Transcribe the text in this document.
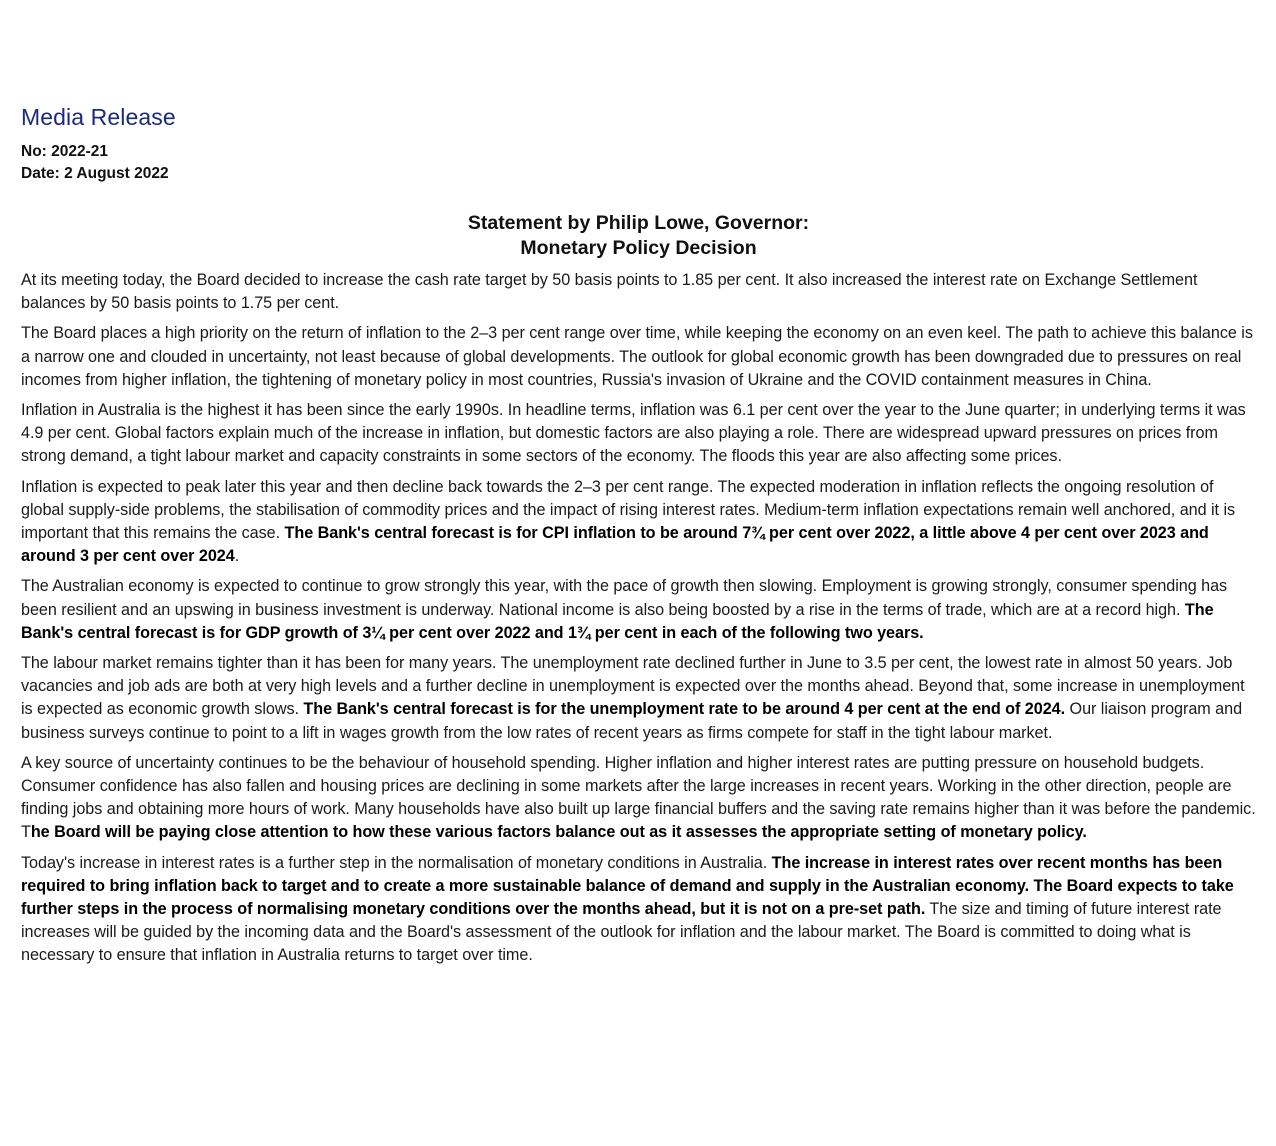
Media Release
No: 2022-21
Date: 2 August 2022
Statement by Philip Lowe, Governor:
Monetary Policy Decision

At its meeting today, the Board decided to increase the cash rate target by 50 basis points to 1.85 per cent. It also increased the interest rate on Exchange Settlement balances by 50 basis points to 1.75 per cent.

The Board places a high priority on the return of inflation to the 2–3 per cent range over time, while keeping the economy on an even keel. The path to achieve this balance is a narrow one and clouded in uncertainty, not least because of global developments. The outlook for global economic growth has been downgraded due to pressures on real incomes from higher inflation, the tightening of monetary policy in most countries, Russia's invasion of Ukraine and the COVID containment measures in China.

Inflation in Australia is the highest it has been since the early 1990s. In headline terms, inflation was 6.1 per cent over the year to the June quarter; in underlying terms it was 4.9 per cent. Global factors explain much of the increase in inflation, but domestic factors are also playing a role. There are widespread upward pressures on prices from strong demand, a tight labour market and capacity constraints in some sectors of the economy. The floods this year are also affecting some prices.

Inflation is expected to peak later this year and then decline back towards the 2–3 per cent range. The expected moderation in inflation reflects the ongoing resolution of global supply-side problems, the stabilisation of commodity prices and the impact of rising interest rates. Medium-term inflation expectations remain well anchored, and it is important that this remains the case. The Bank's central forecast is for CPI inflation to be around 7¾ per cent over 2022, a little above 4 per cent over 2023 and around 3 per cent over 2024.

The Australian economy is expected to continue to grow strongly this year, with the pace of growth then slowing. Employment is growing strongly, consumer spending has been resilient and an upswing in business investment is underway. National income is also being boosted by a rise in the terms of trade, which are at a record high. The Bank's central forecast is for GDP growth of 3¼ per cent over 2022 and 1¾ per cent in each of the following two years.

The labour market remains tighter than it has been for many years. The unemployment rate declined further in June to 3.5 per cent, the lowest rate in almost 50 years. Job vacancies and job ads are both at very high levels and a further decline in unemployment is expected over the months ahead. Beyond that, some increase in unemployment is expected as economic growth slows. The Bank's central forecast is for the unemployment rate to be around 4 per cent at the end of 2024. Our liaison program and business surveys continue to point to a lift in wages growth from the low rates of recent years as firms compete for staff in the tight labour market.

A key source of uncertainty continues to be the behaviour of household spending. Higher inflation and higher interest rates are putting pressure on household budgets. Consumer confidence has also fallen and housing prices are declining in some markets after the large increases in recent years. Working in the other direction, people are finding jobs and obtaining more hours of work. Many households have also built up large financial buffers and the saving rate remains higher than it was before the pandemic. The Board will be paying close attention to how these various factors balance out as it assesses the appropriate setting of monetary policy.

Today's increase in interest rates is a further step in the normalisation of monetary conditions in Australia. The increase in interest rates over recent months has been required to bring inflation back to target and to create a more sustainable balance of demand and supply in the Australian economy. The Board expects to take further steps in the process of normalising monetary conditions over the months ahead, but it is not on a pre-set path. The size and timing of future interest rate increases will be guided by the incoming data and the Board's assessment of the outlook for inflation and the labour market. The Board is committed to doing what is necessary to ensure that inflation in Australia returns to target over time.
